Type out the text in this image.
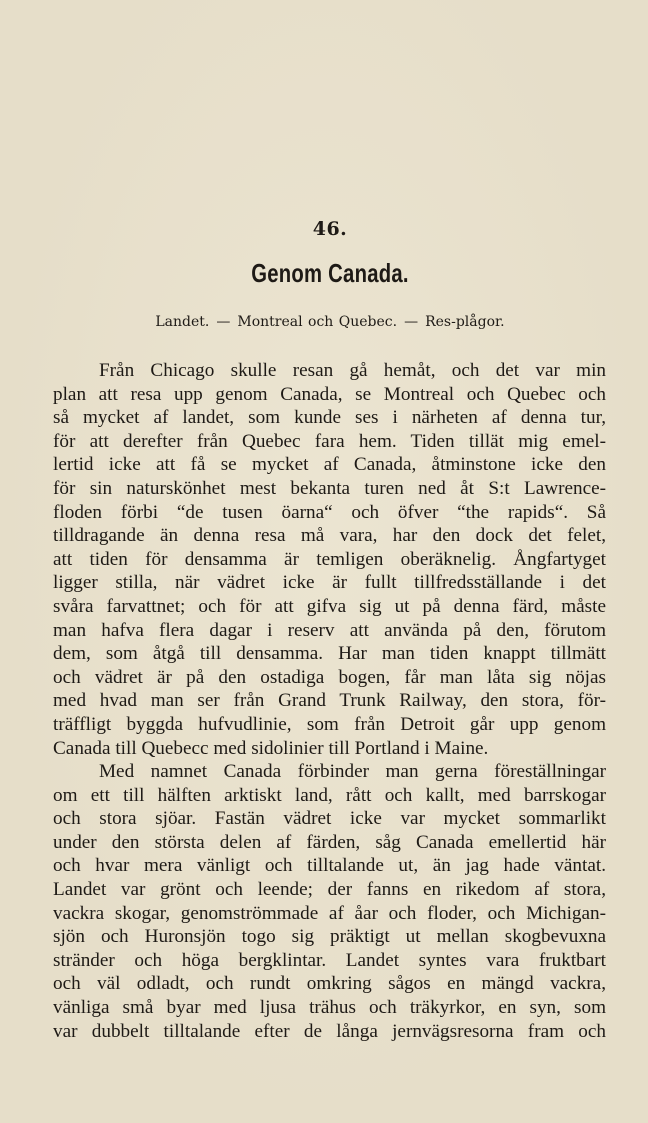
46.
Genom Canada.
Landet. — Montreal och Quebec. — Res-plågor.
Från Chicago skulle resan gå hemåt, och det var min
plan att resa upp genom Canada, se Montreal och Quebec och
så mycket af landet, som kunde ses i närheten af denna tur,
för att derefter från Quebec fara hem. Tiden tillät mig emel-
lertid icke att få se mycket af Canada, åtminstone icke den
för sin naturskönhet mest bekanta turen ned åt S:t Lawrence-
floden förbi “de tusen öarna“ och öfver “the rapids“. Så
tilldragande än denna resa må vara, har den dock det felet,
att tiden för densamma är temligen oberäknelig. Ångfartyget
ligger stilla, när vädret icke är fullt tillfredsställande i det
svåra farvattnet; och för att gifva sig ut på denna färd, måste
man hafva flera dagar i reserv att använda på den, förutom
dem, som åtgå till densamma. Har man tiden knappt tillmätt
och vädret är på den ostadiga bogen, får man låta sig nöjas
med hvad man ser från Grand Trunk Railway, den stora, för-
träffligt byggda hufvudlinie, som från Detroit går upp genom
Canada till Quebecc med sidolinier till Portland i Maine.
Med namnet Canada förbinder man gerna föreställningar
om ett till hälften arktiskt land, rått och kallt, med barrskogar
och stora sjöar. Fastän vädret icke var mycket sommarlikt
under den största delen af färden, såg Canada emellertid här
och hvar mera vänligt och tilltalande ut, än jag hade väntat.
Landet var grönt och leende; der fanns en rikedom af stora,
vackra skogar, genomströmmade af åar och floder, och Michigan-
sjön och Huronsjön togo sig präktigt ut mellan skogbevuxna
stränder och höga bergklintar. Landet syntes vara fruktbart
och väl odladt, och rundt omkring sågos en mängd vackra,
vänliga små byar med ljusa trähus och träkyrkor, en syn, som
var dubbelt tilltalande efter de långa jernvägsresorna fram och
